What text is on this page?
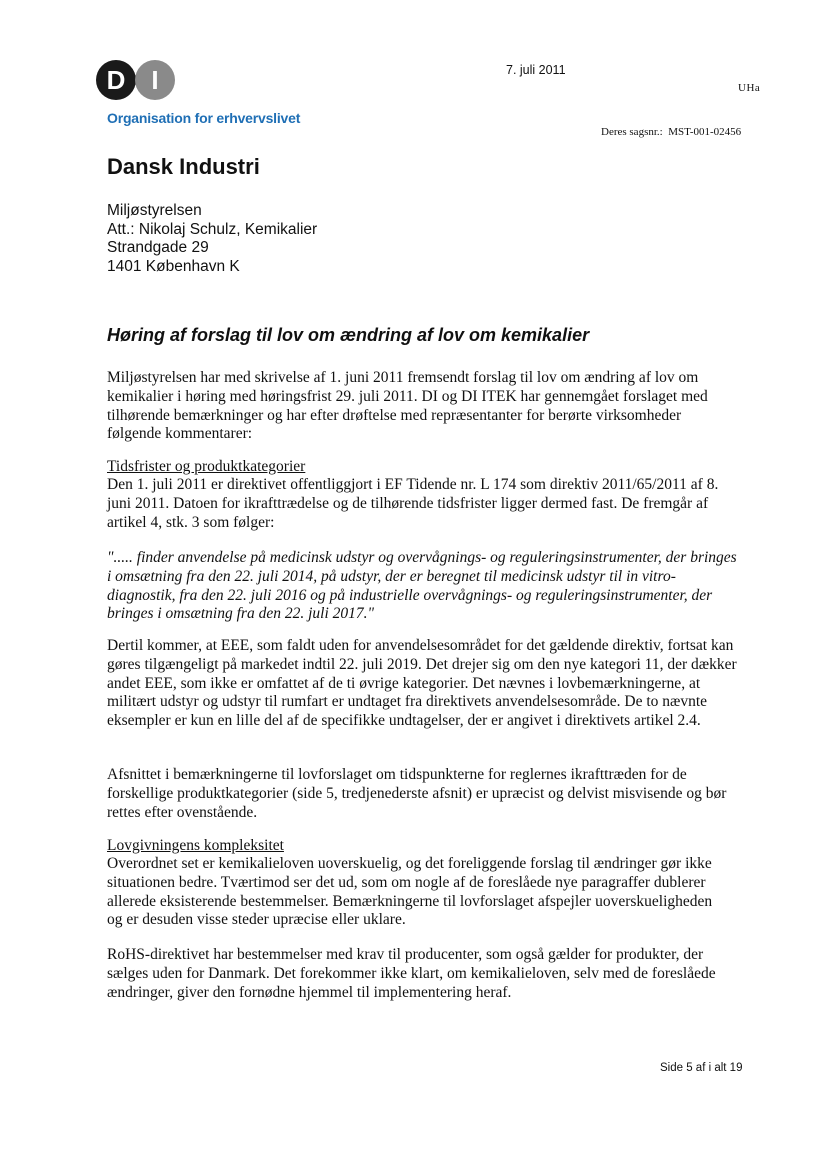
D I
Organisation for erhvervslivet
7. juli 2011
UHa
Deres sagsnr.:  MST-001-02456
Dansk Industri
Miljøstyrelsen
Att.: Nikolaj Schulz, Kemikalier
Strandgade 29
1401 København K
Høring af forslag til lov om ændring af lov om kemikalier
Miljøstyrelsen har med skrivelse af 1. juni 2011 fremsendt forslag til lov om ændring af lov om kemikalier i høring med høringsfrist 29. juli 2011. DI og DI ITEK har gennemgået forslaget med tilhørende bemærkninger og har efter drøftelse med repræsentanter for berørte virksomheder følgende kommentarer:
Tidsfrister og produktkategorier
Den 1. juli 2011 er direktivet offentliggjort i EF Tidende nr. L 174 som direktiv 2011/65/2011 af 8. juni 2011. Datoen for ikrafttrædelse og de tilhørende tidsfrister ligger dermed fast. De fremgår af artikel 4, stk. 3 som følger:
"..... finder anvendelse på medicinsk udstyr og overvågnings- og reguleringsinstrumenter, der bringes i omsætning fra den 22. juli 2014, på udstyr, der er beregnet til medicinsk udstyr til in vitro-diagnostik, fra den 22. juli 2016 og på industrielle overvågnings- og reguleringsinstrumenter, der bringes i omsætning fra den 22. juli 2017."
Dertil kommer, at EEE, som faldt uden for anvendelsesområdet for det gældende direktiv, fortsat kan gøres tilgængeligt på markedet indtil 22. juli 2019. Det drejer sig om den nye kategori 11, der dækker andet EEE, som ikke er omfattet af de ti øvrige kategorier. Det nævnes i lovbemærkningerne, at militært udstyr og udstyr til rumfart er undtaget fra direktivets anvendelsesområde. De to nævnte eksempler er kun en lille del af de specifikke undtagelser, der er angivet i direktivets artikel 2.4.
Afsnittet i bemærkningerne til lovforslaget om tidspunkterne for reglernes ikrafttræden for de forskellige produktkategorier (side 5, tredjenederste afsnit) er upræcist og delvist misvisende og bør rettes efter ovenstående.
Lovgivningens kompleksitet
Overordnet set er kemikalieloven uoverskuelig, og det foreliggende forslag til ændringer gør ikke situationen bedre. Tværtimod ser det ud, som om nogle af de foreslåede nye paragraffer dublerer allerede eksisterende bestemmelser. Bemærkningerne til lovforslaget afspejler uoverskueligheden og er desuden visse steder upræcise eller uklare.
RoHS-direktivet har bestemmelser med krav til producenter, som også gælder for produkter, der sælges uden for Danmark. Det forekommer ikke klart, om kemikalieloven, selv med de foreslåede ændringer, giver den fornødne hjemmel til implementering heraf.
Side 5 af i alt 19
